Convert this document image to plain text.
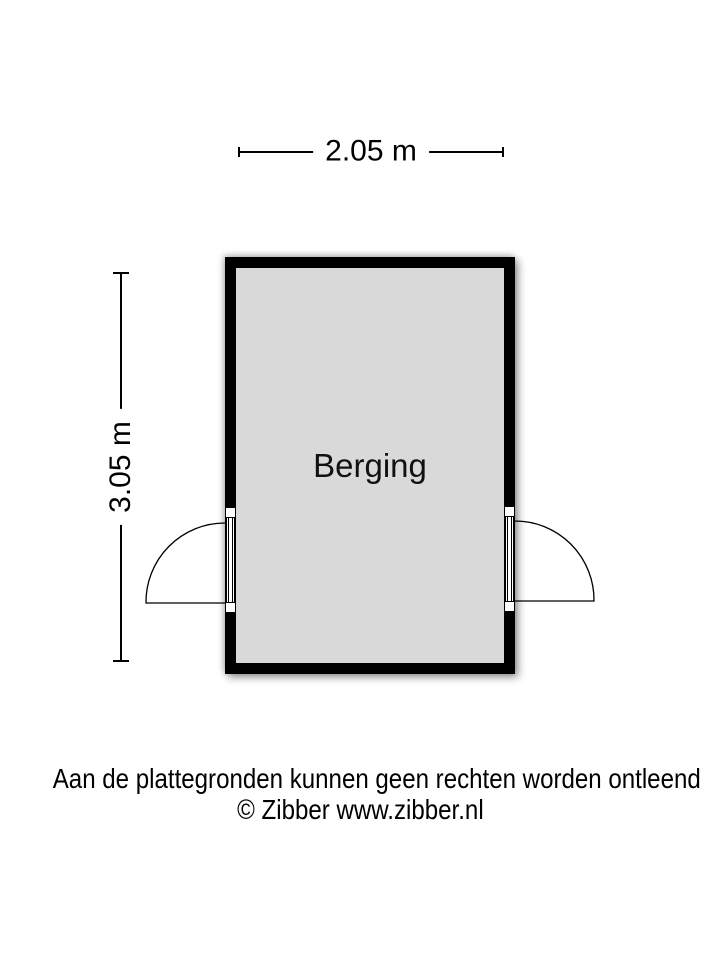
2.05 m
3.05 m	Berging
Aan de plattegronden kunnen geen rechten worden ontleend
© Zibber www.zibber.nl
